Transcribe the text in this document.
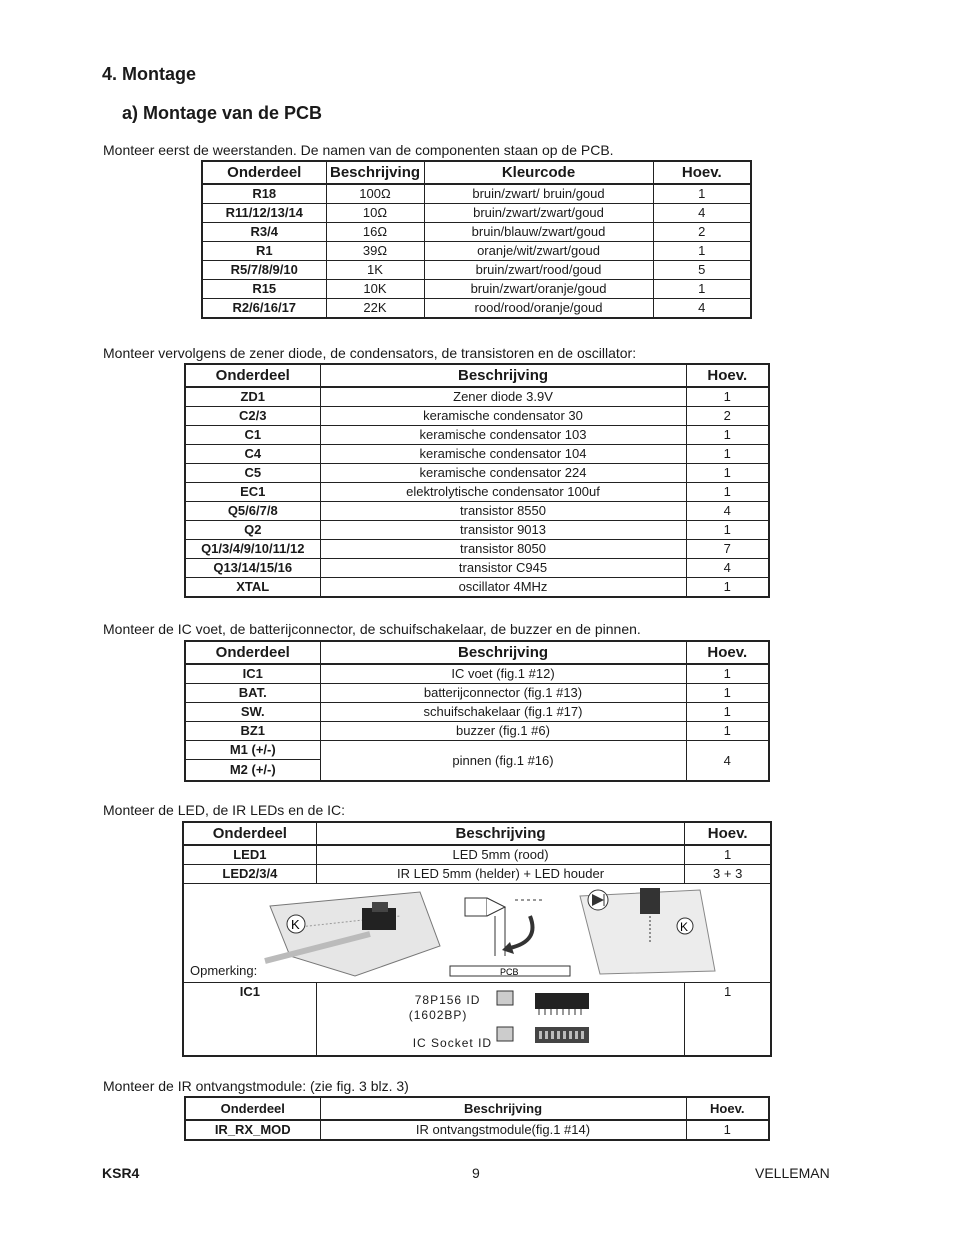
4. Montage
a) Montage van de PCB
Monteer eerst de weerstanden. De namen van de componenten staan op de PCB.
Onderdeel	Beschrijving	Kleurcode	Hoev.
R18	100Ω	bruin/zwart/ bruin/goud	1
R11/12/13/14	10Ω	bruin/zwart/zwart/goud	4
R3/4	16Ω	bruin/blauw/zwart/goud	2
R1	39Ω	oranje/wit/zwart/goud	1
R5/7/8/9/10	1K	bruin/zwart/rood/goud	5
R15	10K	bruin/zwart/oranje/goud	1
R2/6/16/17	22K	rood/rood/oranje/goud	4
Monteer vervolgens de zener diode, de condensators, de transistoren en de oscillator:
Onderdeel	Beschrijving	Hoev.
ZD1	Zener diode 3.9V	1
C2/3	keramische condensator 30	2
C1	keramische condensator 103	1
C4	keramische condensator 104	1
C5	keramische condensator 224	1
EC1	elektrolytische condensator 100uf	1
Q5/6/7/8	transistor 8550	4
Q2	transistor 9013	1
Q1/3/4/9/10/11/12	transistor 8050	7
Q13/14/15/16	transistor C945	4
XTAL	oscillator 4MHz	1
Monteer de IC voet, de batterijconnector, de schuifschakelaar, de buzzer en de pinnen.
Onderdeel	Beschrijving	Hoev.
IC1	IC voet (fig.1 #12)	1
BAT.	batterijconnector (fig.1 #13)	1
SW.	schuifschakelaar (fig.1 #17)	1
BZ1	buzzer (fig.1 #6)	1
M1 (+/-)	pinnen (fig.1 #16)	4
M2 (+/-)		
Monteer de LED, de IR LEDs en de IC:
Onderdeel	Beschrijving	Hoev.
LED1	LED 5mm (rood)	1
LED2/3/4	IR LED 5mm (helder) + LED houder	3 + 3

Opmerking:
K
PCB
K		

IC1	78P156 ID
(1602BP)
IC Socket ID	1
Monteer de IR ontvangstmodule: (zie fig. 3 blz. 3)
Onderdeel	Beschrijving	Hoev.
IR_RX_MOD	IR ontvangstmodule(fig.1 #14)	1
KSR4	9	VELLEMAN
